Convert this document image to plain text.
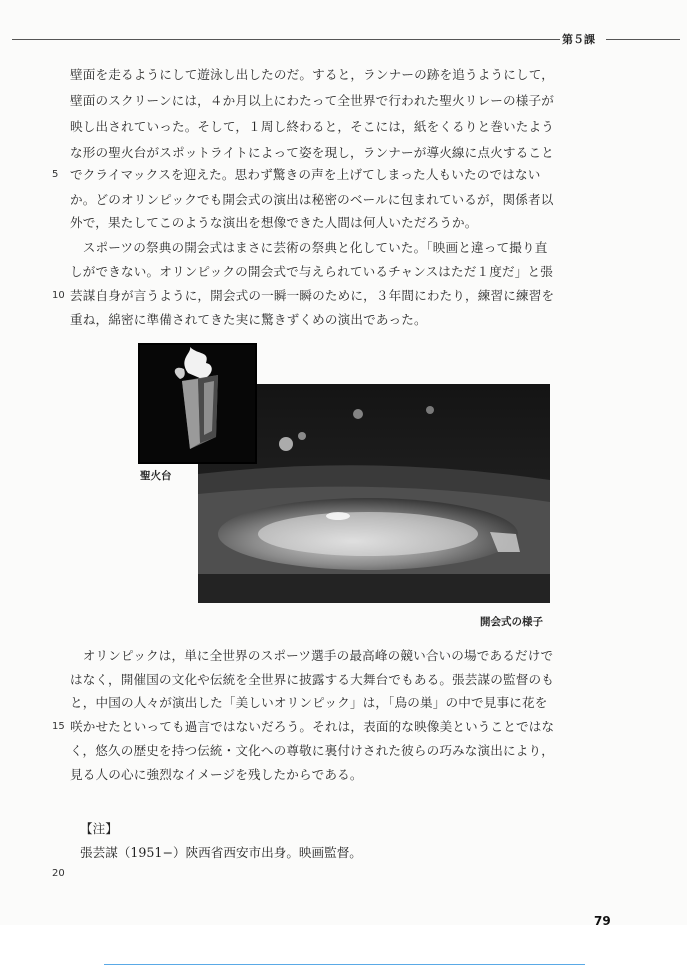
第５課
壁面を走るようにして遊泳し出したのだ。すると，ランナーの跡を追うようにして，
壁面のスクリーンには，４か月以上にわたって全世界で行われた聖火リレーの様子が
映し出されていった。そして，１周し終わると，そこには，紙をくるりと巻いたよう
な形の聖火台がスポットライトによって姿を現し，ランナーが導火線に点火すること
5 でクライマックスを迎えた。思わず驚きの声を上げてしまった人もいたのではない
か。どのオリンピックでも開会式の演出は秘密のベールに包まれているが，関係者以
外で，果たしてこのような演出を想像できた人間は何人いただろうか。
　スポーツの祭典の開会式はまさに芸術の祭典と化していた。「映画と違って撮り直
しができない。オリンピックの開会式で与えられているチャンスはただ１度だ」と張
10 芸謀自身が言うように，開会式の一瞬一瞬のために，３年間にわたり，練習に練習を
重ね，綿密に準備されてきた実に驚きずくめの演出であった。
聖火台
開会式の様子
　オリンピックは，単に全世界のスポーツ選手の最高峰の競い合いの場であるだけで
はなく，開催国の文化や伝統を全世界に披露する大舞台でもある。張芸謀の監督のも
と，中国の人々が演出した「美しいオリンピック」は，「鳥の巣」の中で見事に花を
15 咲かせたといっても過言ではないだろう。それは，表面的な映像美ということではな
く，悠久の歴史を持つ伝統・文化への尊敬に裏付けされた彼らの巧みな演出により，
見る人の心に強烈なイメージを残したからである。
【注】
張芸謀（1951−）陝西省西安市出身。映画監督。
20
79
